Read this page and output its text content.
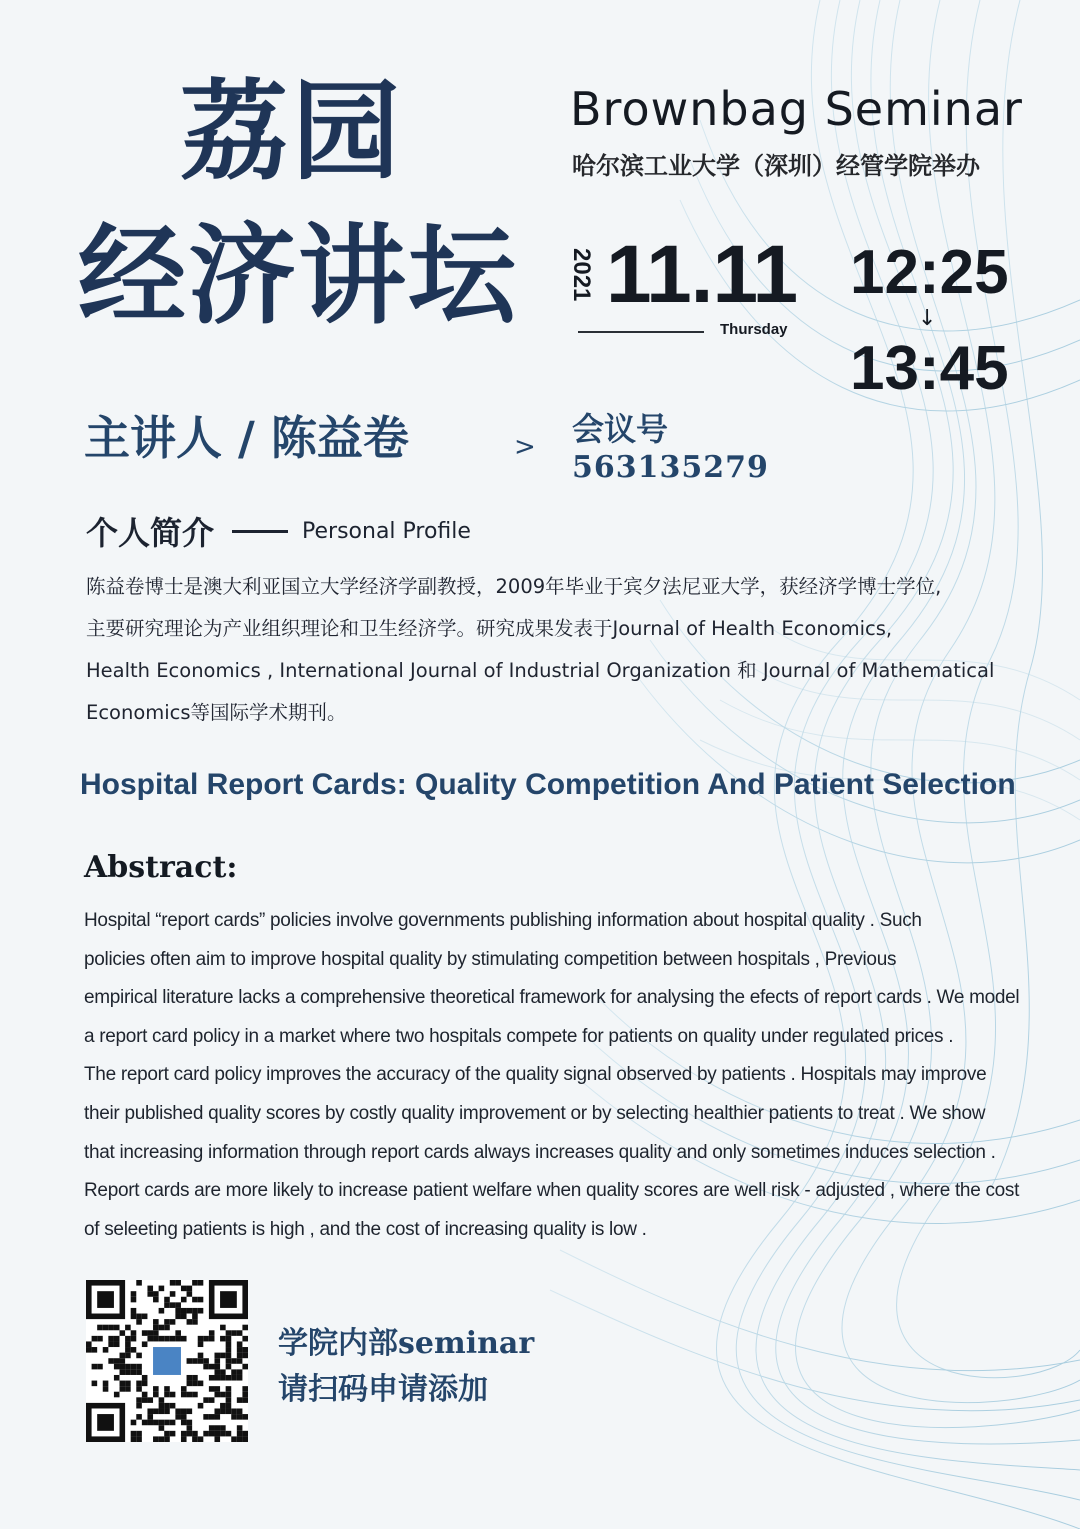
荔园
经济讲坛
主讲人 / 陈益卷
Brownbag Seminar
哈尔滨工业大学（深圳）经管学院举办
2021 11.11
Thursday
12:25
↓
13:45
> 会议号
563135279
个人简介	Personal Profile
陈益卷博士是澳大利亚国立大学经济学副教授，2009年毕业于宾夕法尼亚大学，获经济学博士学位,
主要研究理论为产业组织理论和卫生经济学。研究成果发表于Journal of Health Economics,
Health Economics , International Journal of Industrial Organization 和 Journal of Mathematical
Economics等国际学术期刊。
Hospital Report Cards: Quality Competition And Patient Selection
Abstract:
Hospital “report cards” policies involve governments publishing information about hospital quality . Such
policies often aim to improve hospital quality by stimulating competition between hospitals , Previous
empirical literature lacks a comprehensive theoretical framework for analysing the efects of report cards . We model
a report card policy in a market where two hospitals compete for patients on quality under regulated prices .
The report card policy improves the accuracy of the quality signal observed by patients . Hospitals may improve
their published quality scores by costly quality improvement or by selecting healthier patients to treat . We show
that increasing information through report cards always increases quality and only sometimes induces selection .
Report cards are more likely to increase patient welfare when quality scores are well risk - adjusted , where the cost
of seleeting patients is high , and the cost of increasing quality is low .
学院内部seminar
请扫码申请添加
